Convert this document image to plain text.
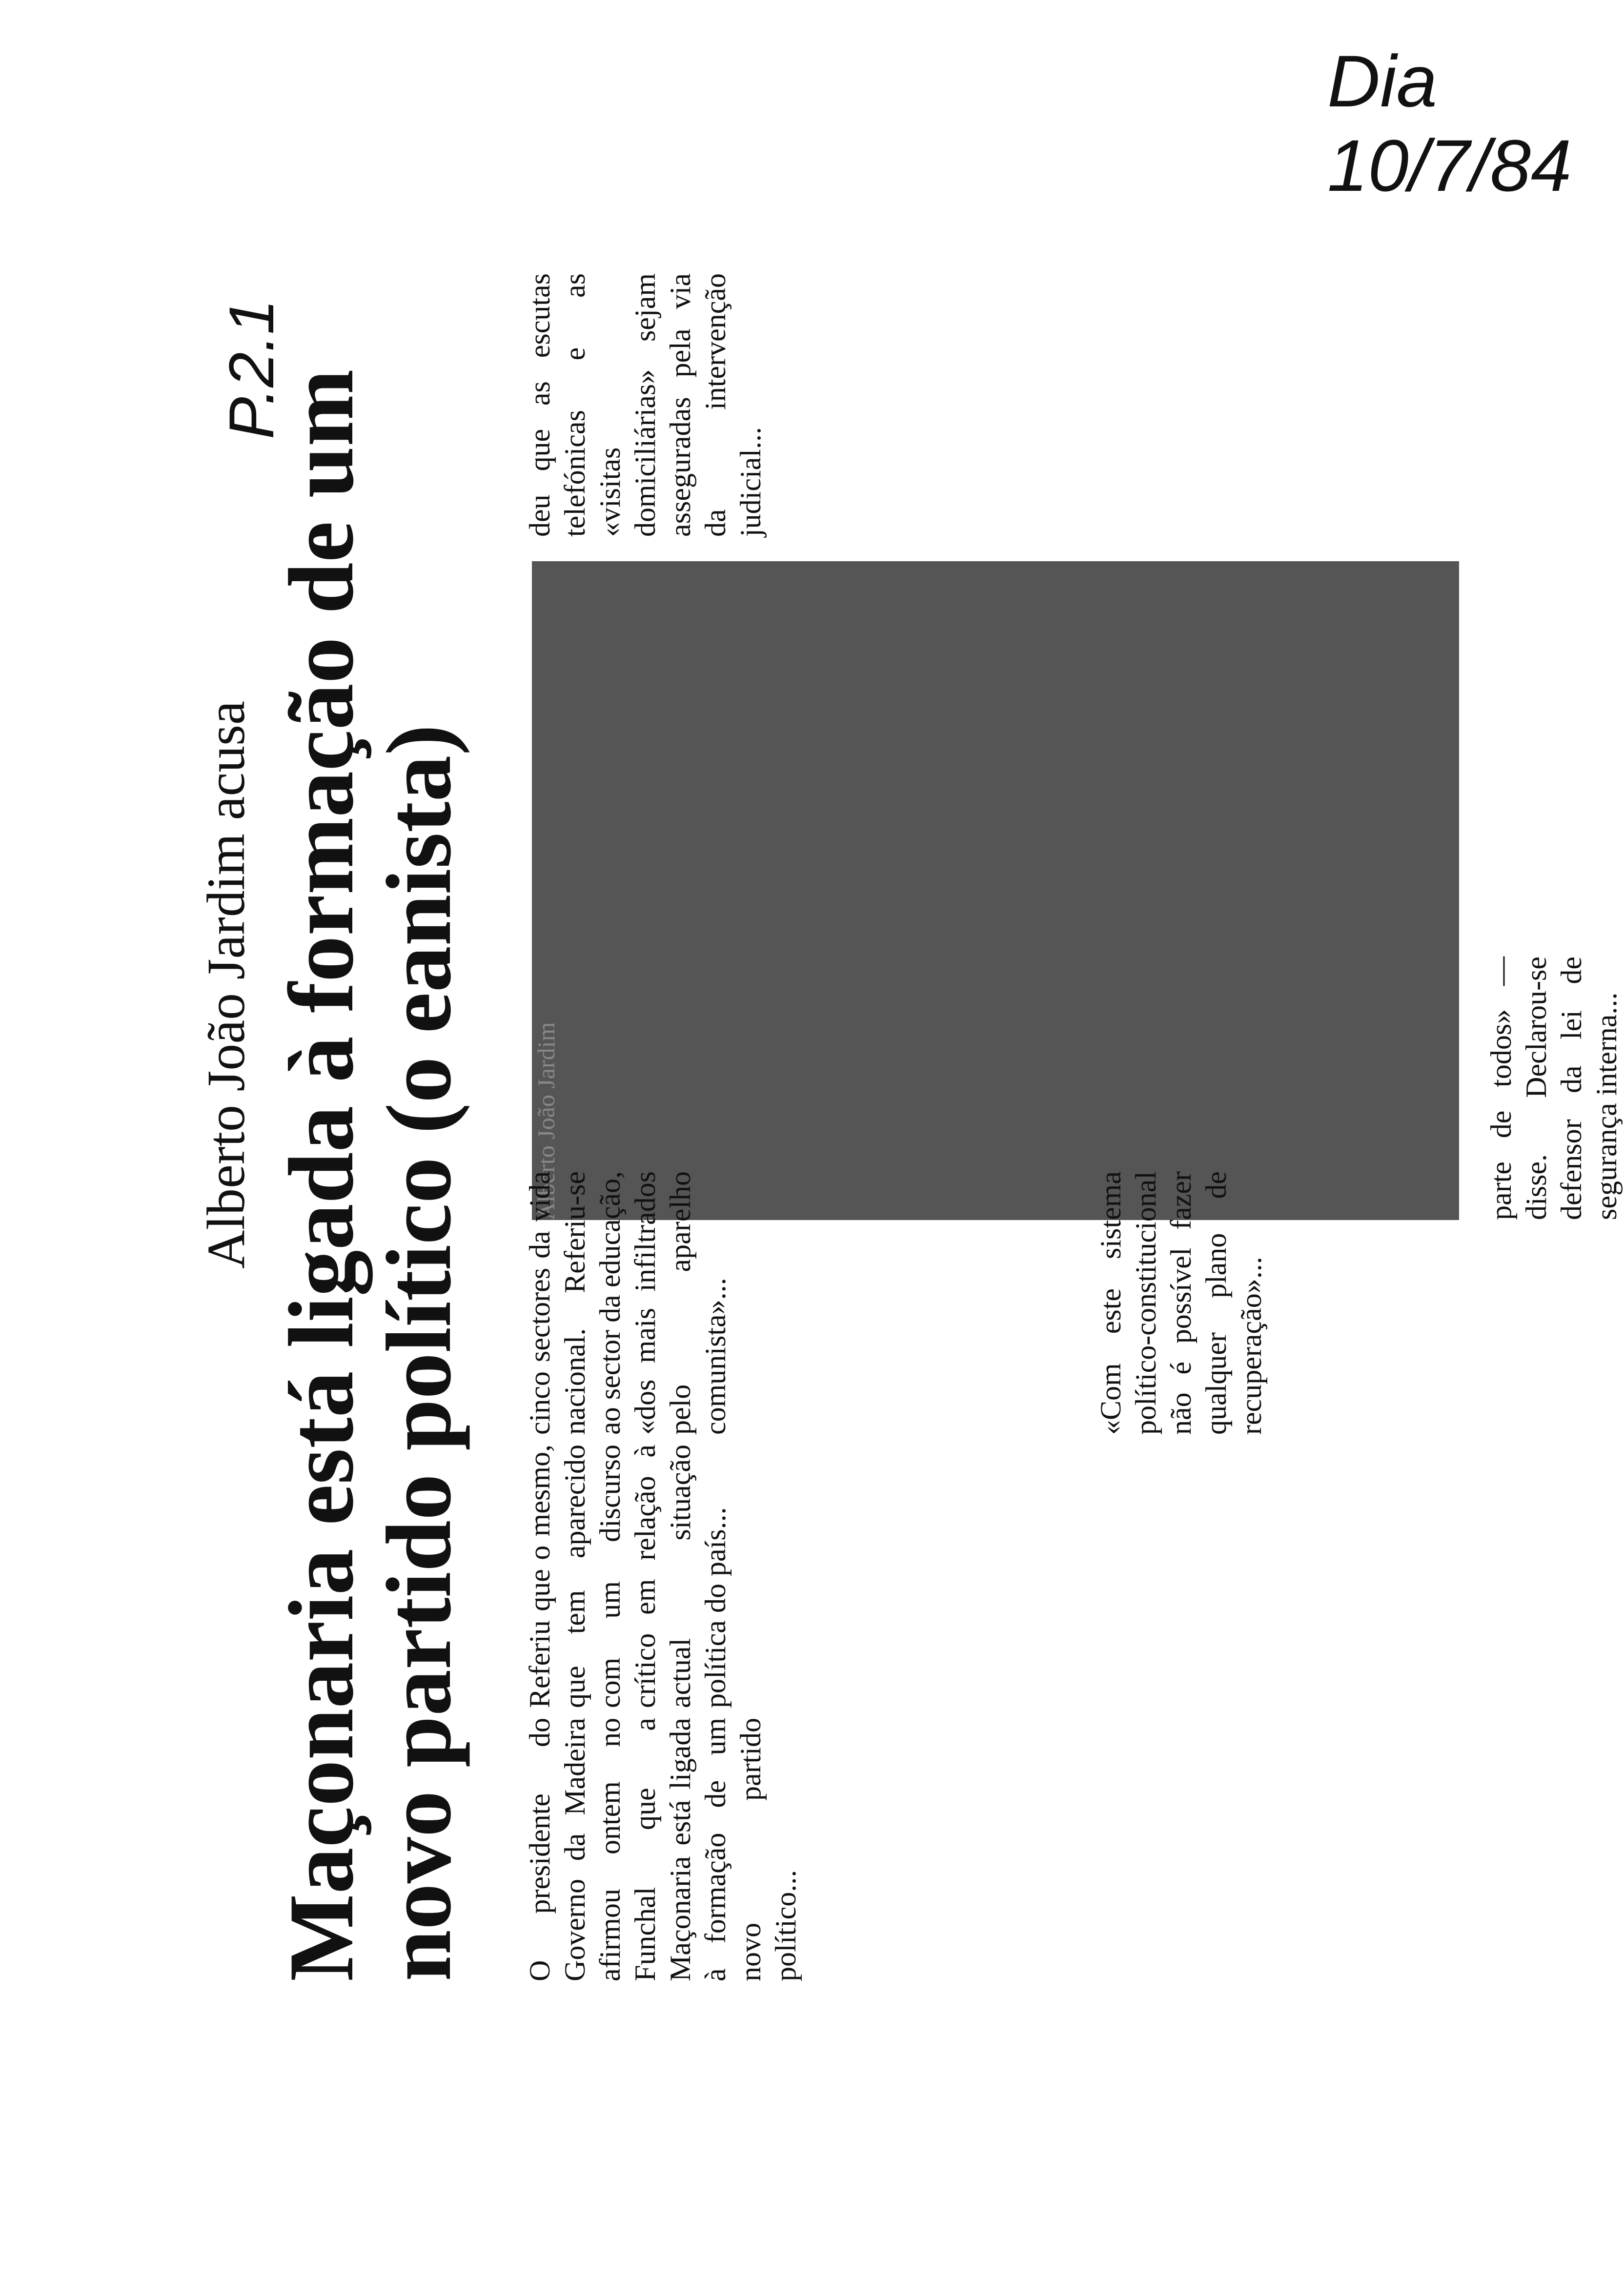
Dia
10/7/84
Alberto João Jardim acusa Maçonaria está ligada à formação de um novo partido político (o eanista)	Alberto João Jardim
O presidente do Governo da Madeira afirmou ontem no Funchal que a Maçonaria está ligada à formação de um novo partido político...
Referiu que o mesmo, que tem aparecido com um discurso crítico em relação à actual situação política do país...
cinco sectores da vida nacional. Referiu-se ao sector da educação, «dos mais infiltrados pelo aparelho comunista»...	«Com este sistema político-constitucional não é possível fazer qualquer plano de recuperação»...
parte de todos» — disse. Declarou-se defensor da lei de segurança interna...
deu que as escutas telefónicas e as «visitas domiciliárias» sejam asseguradas pela via da intervenção judicial...
P.2.1
